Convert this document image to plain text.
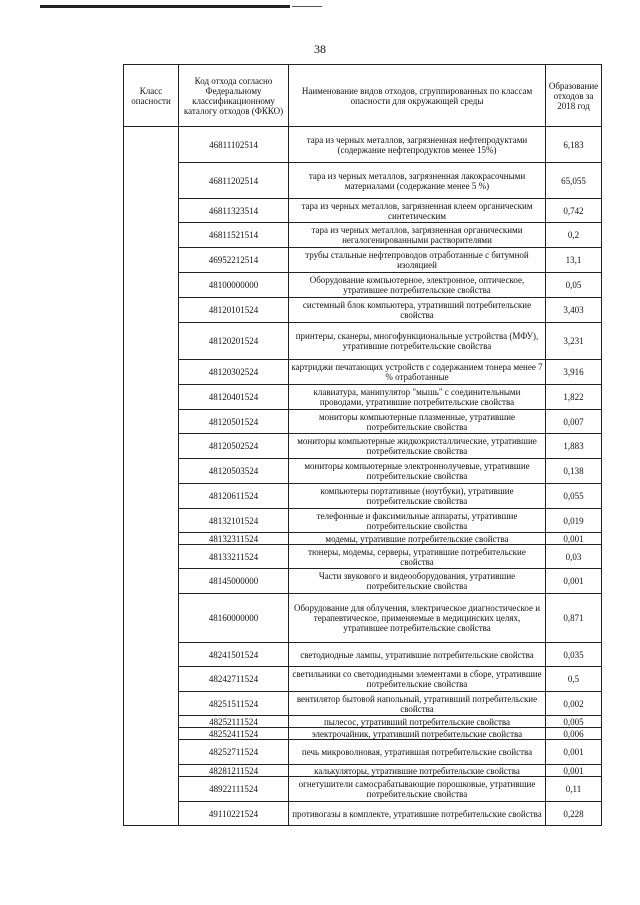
38
Класс опасности	Код отхода согласно Федеральному классификационному каталогу отходов (ФККО)	Наименование видов отходов, сгруппированных по классам опасности для окружающей среды	Образование отходов за 2018 год
	46811102514	тара из черных металлов, загрязненная нефтепродуктами (содержание нефтепродуктов менее 15%)	6,183
	46811202514	тара из черных металлов, загрязненная лакокрасочными материалами (содержание менее 5 %)	65,055
	46811323514	тара из черных металлов, загрязненная клеем органическим синтетическим	0,742
	46811521514	тара из черных металлов, загрязненная органическими негалогенированными растворителями	0,2
	46952212514	трубы стальные нефтепроводов отработанные с битумной изоляцией	13,1
	48100000000	Оборудование компьютерное, электронное, оптическое, утратившее потребительские свойства	0,05
	48120101524	системный блок компьютера, утративший потребительские свойства	3,403
	48120201524	принтеры, сканеры, многофункциональные устройства (МФУ), утратившие потребительские свойства	3,231
	48120302524	картриджи печатающих устройств с содержанием тонера менее 7 % отработанные	3,916
	48120401524	клавиатура, манипулятор "мышь" с соединительными проводами, утратившие потребительские свойства	1,822
	48120501524	мониторы компьютерные плазменные, утратившие потребительские свойства	0,007
	48120502524	мониторы компьютерные жидкокристаллические, утратившие потребительские свойства	1,883
	48120503524	мониторы компьютерные электроннолучевые, утратившие потребительские свойства	0,138
	48120611524	компьютеры портативные (ноутбуки), утратившие потребительские свойства	0,055
	48132101524	телефонные и факсимильные аппараты, утратившие потребительские свойства	0,019
	48132311524	модемы, утратившие потребительские свойства	0,001
	48133211524	тюнеры, модемы, серверы, утратившие потребительские свойства	0,03
	48145000000	Части звукового и видеооборудования, утратившие потребительские свойства	0,001
	48160000000	Оборудование для облучения, электрическое диагностическое и терапевтическое, применяемые в медицинских целях, утратившее потребительские свойства	0,871
	48241501524	светодиодные лампы, утратившие потребительские свойства	0,035
	48242711524	светильники со светодиодными элементами в сборе, утратившие потребительские свойства	0,5
	48251511524	вентилятор бытовой напольный, утративший потребительские свойства	0,002
	48252111524	пылесос, утративший потребительские свойства	0,005
	48252411524	электрочайник, утративший потребительские свойства	0,006
	48252711524	печь микроволновая, утратившая потребительские свойства	0,001
	48281211524	калькуляторы, утратившие потребительские свойства	0,001
	48922111524	огнетушители самосрабатывающие порошковые, утратившие потребительские свойства	0,11
	49110221524	противогазы в комплекте, утратившие потребительские свойства	0,228
